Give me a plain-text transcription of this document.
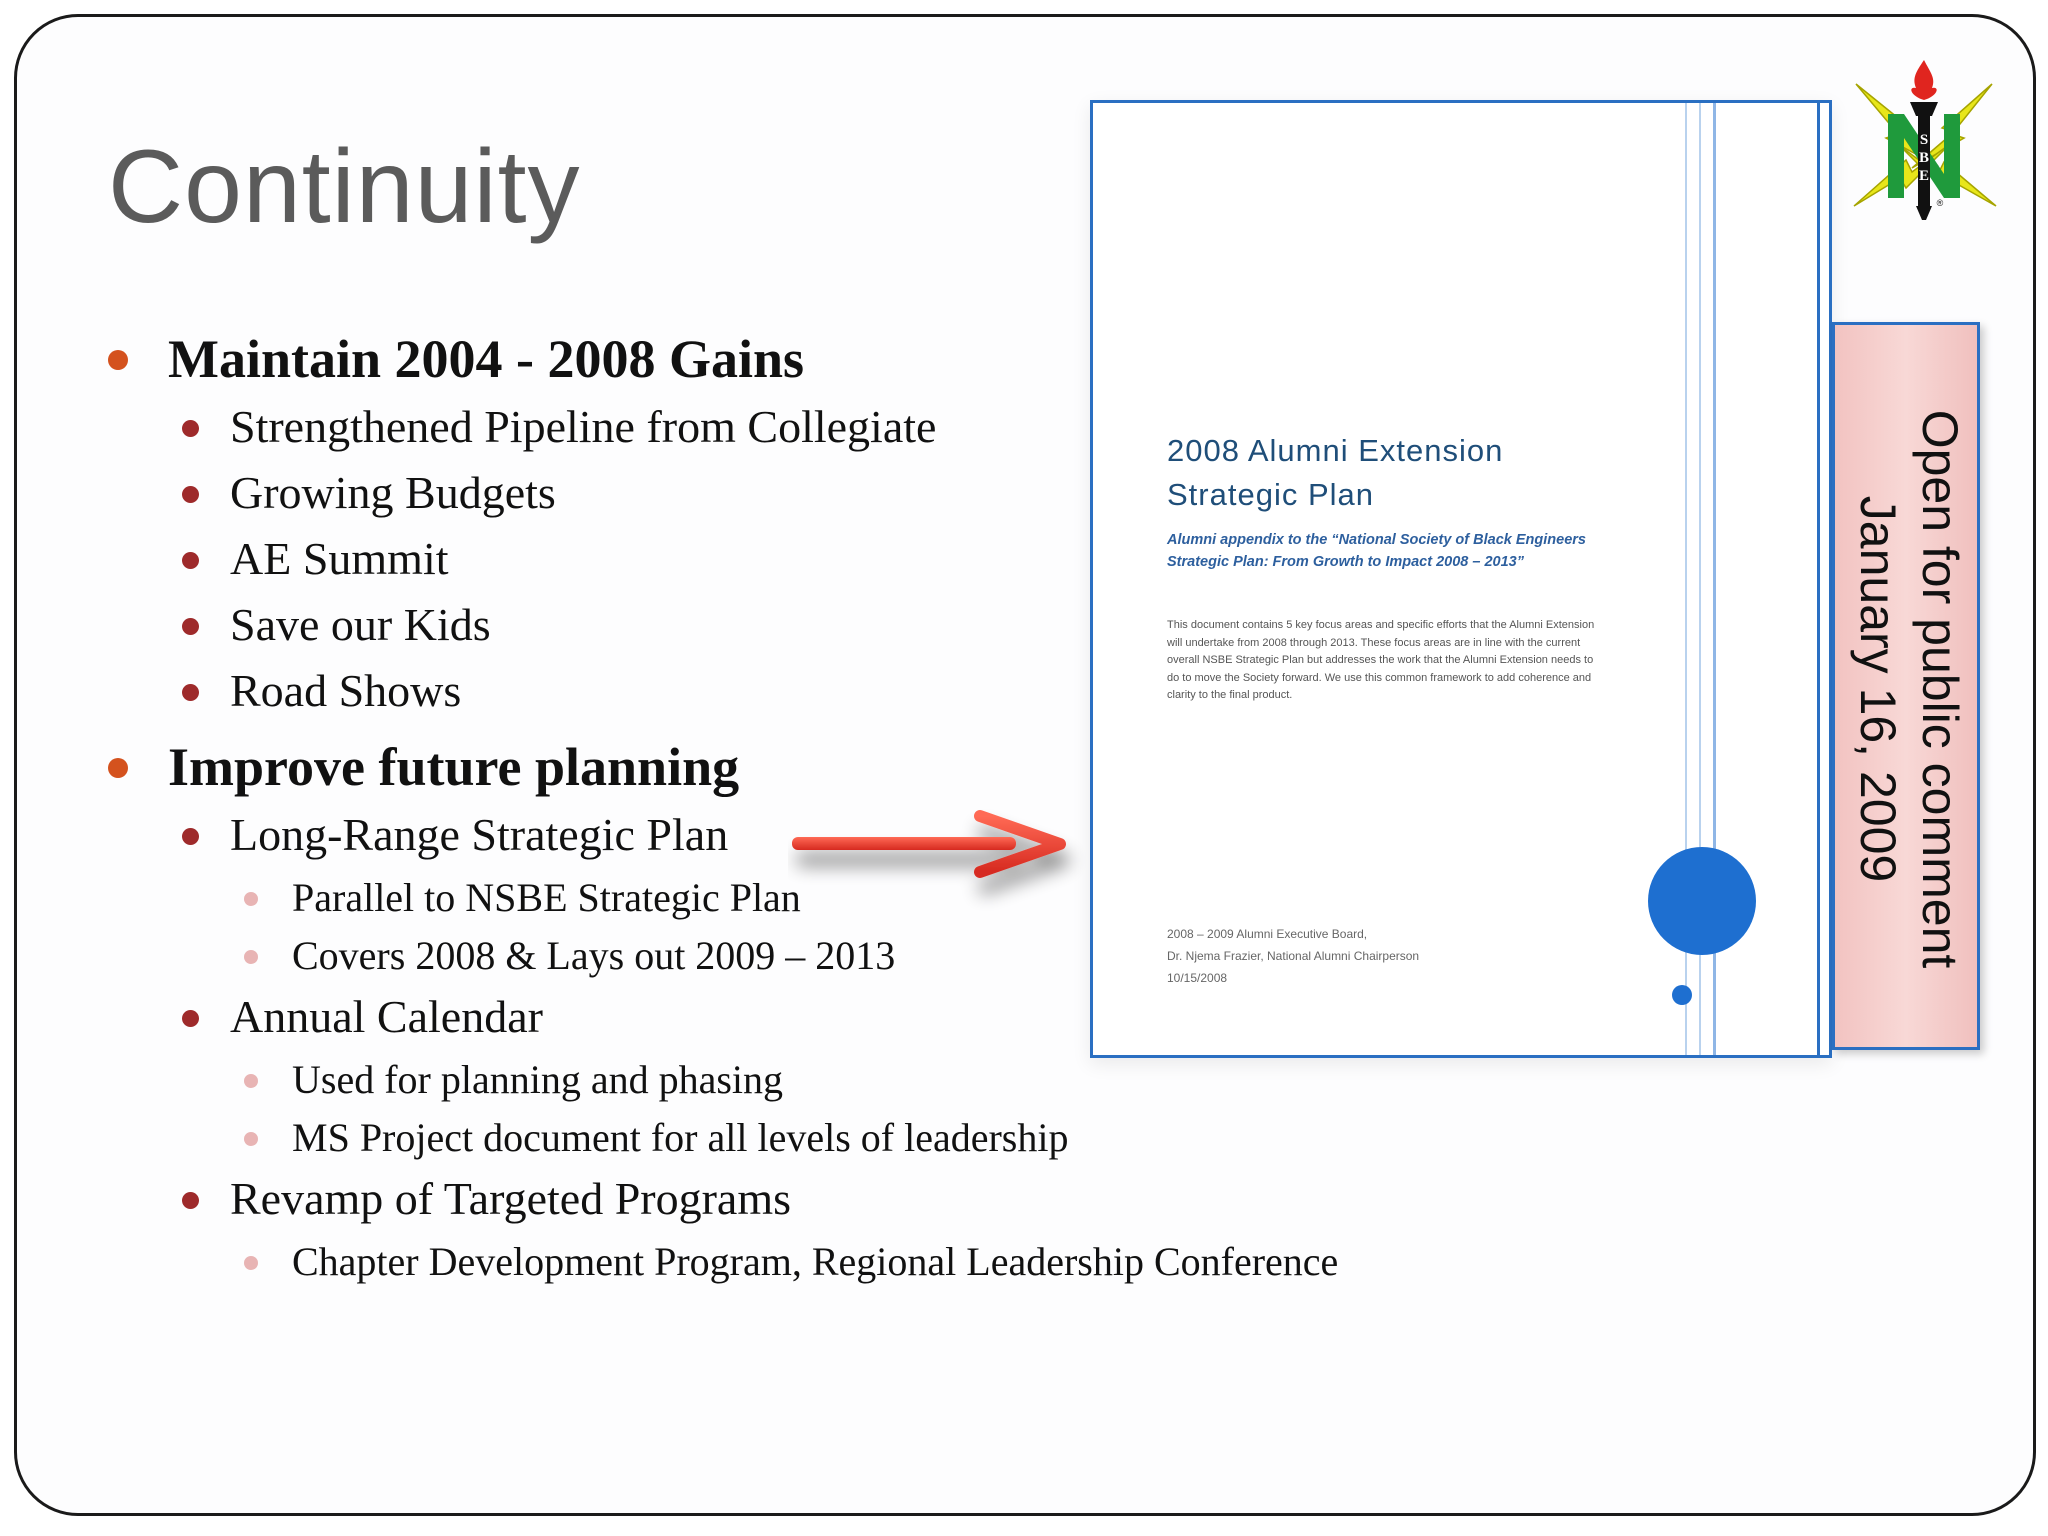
Continuity
Maintain 2004 - 2008 Gains
Strengthened Pipeline from Collegiate
Growing Budgets
AE Summit
Save our Kids
Road Shows
Improve future planning
Long-Range Strategic Plan
Parallel to NSBE Strategic Plan
Covers 2008 & Lays out 2009 – 2013
Annual Calendar
Used for planning and phasing
MS Project document for all levels of leadership
Revamp of Targeted Programs
Chapter Development Program, Regional Leadership Conference
2008 Alumni Extension
Strategic Plan
Alumni appendix to the “National Society of Black Engineers Strategic Plan: From Growth to Impact 2008 – 2013”
This document contains 5 key focus areas and specific efforts that the Alumni Extension will undertake from 2008 through 2013. These focus areas are in line with the current overall NSBE Strategic Plan but addresses the work that the Alumni Extension needs to do to move the Society forward. We use this common framework to add coherence and clarity to the final product.
2008 – 2009 Alumni Executive Board,
Dr. Njema Frazier, National Alumni Chairperson
10/15/2008
Open for public comment
January 16, 2009
S
B
E
®
